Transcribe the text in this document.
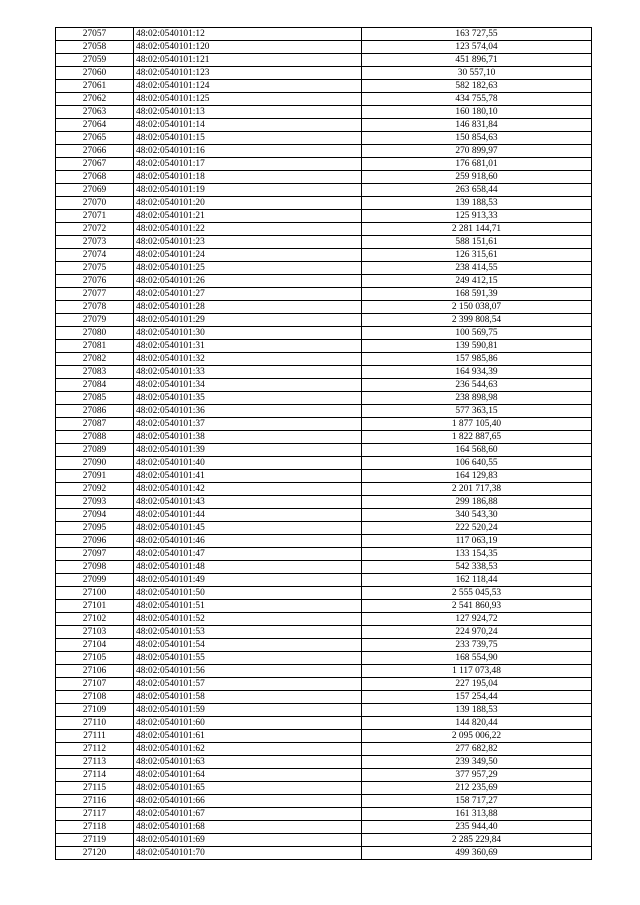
27057	48:02:0540101:12	163 727,55
27058	48:02:0540101:120	123 574,04
27059	48:02:0540101:121	451 896,71
27060	48:02:0540101:123	30 557,10
27061	48:02:0540101:124	582 182,63
27062	48:02:0540101:125	434 755,78
27063	48:02:0540101:13	160 180,10
27064	48:02:0540101:14	146 831,84
27065	48:02:0540101:15	150 854,63
27066	48:02:0540101:16	270 899,97
27067	48:02:0540101:17	176 681,01
27068	48:02:0540101:18	259 918,60
27069	48:02:0540101:19	263 658,44
27070	48:02:0540101:20	139 188,53
27071	48:02:0540101:21	125 913,33
27072	48:02:0540101:22	2 281 144,71
27073	48:02:0540101:23	588 151,61
27074	48:02:0540101:24	126 315,61
27075	48:02:0540101:25	238 414,55
27076	48:02:0540101:26	249 412,15
27077	48:02:0540101:27	168 591,39
27078	48:02:0540101:28	2 150 038,07
27079	48:02:0540101:29	2 399 808,54
27080	48:02:0540101:30	100 569,75
27081	48:02:0540101:31	139 590,81
27082	48:02:0540101:32	157 985,86
27083	48:02:0540101:33	164 934,39
27084	48:02:0540101:34	236 544,63
27085	48:02:0540101:35	238 898,98
27086	48:02:0540101:36	577 363,15
27087	48:02:0540101:37	1 877 105,40
27088	48:02:0540101:38	1 822 887,65
27089	48:02:0540101:39	164 568,60
27090	48:02:0540101:40	106 640,55
27091	48:02:0540101:41	164 129,83
27092	48:02:0540101:42	2 201 717,38
27093	48:02:0540101:43	299 186,88
27094	48:02:0540101:44	340 543,30
27095	48:02:0540101:45	222 520,24
27096	48:02:0540101:46	117 063,19
27097	48:02:0540101:47	133 154,35
27098	48:02:0540101:48	542 338,53
27099	48:02:0540101:49	162 118,44
27100	48:02:0540101:50	2 555 045,53
27101	48:02:0540101:51	2 541 860,93
27102	48:02:0540101:52	127 924,72
27103	48:02:0540101:53	224 970,24
27104	48:02:0540101:54	233 739,75
27105	48:02:0540101:55	168 554,90
27106	48:02:0540101:56	1 117 073,48
27107	48:02:0540101:57	227 195,04
27108	48:02:0540101:58	157 254,44
27109	48:02:0540101:59	139 188,53
27110	48:02:0540101:60	144 820,44
27111	48:02:0540101:61	2 095 006,22
27112	48:02:0540101:62	277 682,82
27113	48:02:0540101:63	239 349,50
27114	48:02:0540101:64	377 957,29
27115	48:02:0540101:65	212 235,69
27116	48:02:0540101:66	158 717,27
27117	48:02:0540101:67	161 313,88
27118	48:02:0540101:68	235 944,40
27119	48:02:0540101:69	2 285 229,84
27120	48:02:0540101:70	499 360,69
